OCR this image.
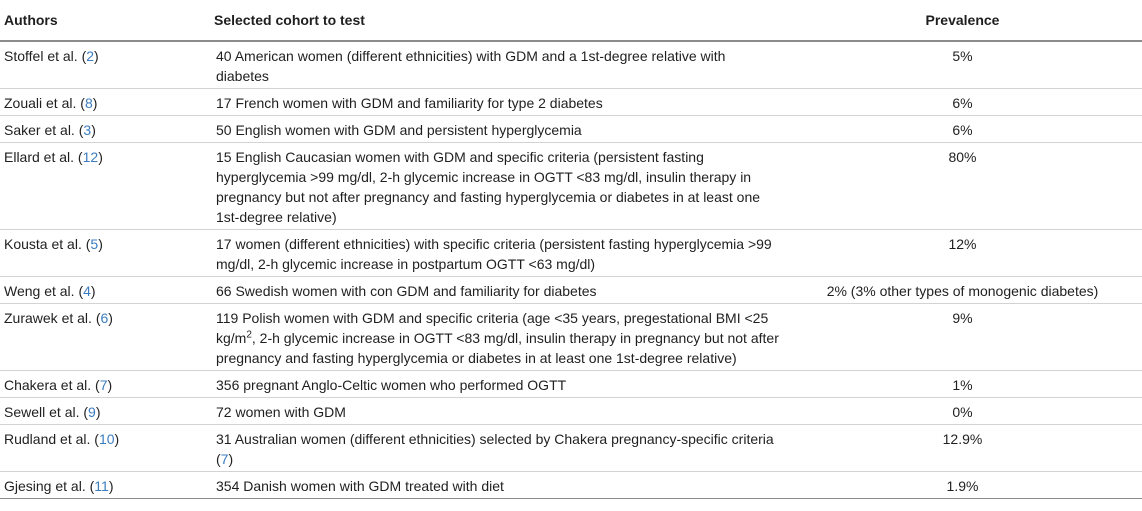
Authors	Selected cohort to test	Prevalence
Stoffel et al. (2)	40 American women (different ethnicities) with GDM and a 1st-degree relative with diabetes	5%
Zouali et al. (8)	17 French women with GDM and familiarity for type 2 diabetes	6%
Saker et al. (3)	50 English women with GDM and persistent hyperglycemia	6%
Ellard et al. (12)	15 English Caucasian women with GDM and specific criteria (persistent fasting hyperglycemia >99 mg/dl, 2-h glycemic increase in OGTT <83 mg/dl, insulin therapy in pregnancy but not after pregnancy and fasting hyperglycemia or diabetes in at least one 1st-degree relative)	80%
Kousta et al. (5)	17 women (different ethnicities) with specific criteria (persistent fasting hyperglycemia >99 mg/dl, 2-h glycemic increase in postpartum OGTT <63 mg/dl)	12%
Weng et al. (4)	66 Swedish women with con GDM and familiarity for diabetes	2% (3% other types of monogenic diabetes)
Zurawek et al. (6)	119 Polish women with GDM and specific criteria (age <35 years, pregestational BMI <25 $kg/m^2$, 2-h glycemic increase in OGTT <83 mg/dl, insulin therapy in pregnancy but not after pregnancy and fasting hyperglycemia or diabetes in at least one 1st-degree relative)	9%
Chakera et al. (7)	356 pregnant Anglo-Celtic women who performed OGTT	1%
Sewell et al. (9)	72 women with GDM	0%
Rudland et al. (10)	31 Australian women (different ethnicities) selected by Chakera pregnancy-specific criteria (7)	12.9%
Gjesing et al. (11)	354 Danish women with GDM treated with diet	1.9%
